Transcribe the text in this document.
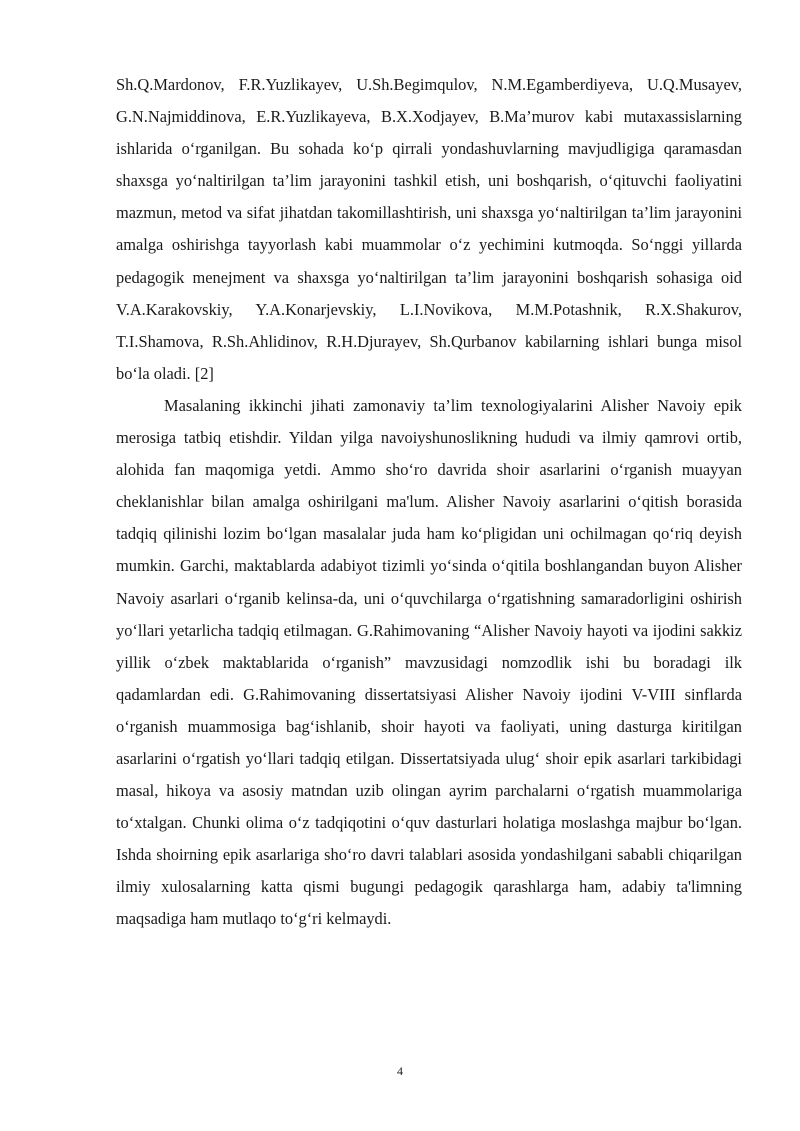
Sh.Q.Mardonov, F.R.Yuzlikayev, U.Sh.Begimqulov, N.M.Egamberdiyeva, U.Q.Musayev, G.N.Najmiddinova, E.R.Yuzlikayeva, B.X.Xodjayev, B.Ma’murov kabi mutaxassislarning ishlarida o‘rganilgan. Bu sohada ko‘p qirrali yondashuvlarning mavjudligiga qaramasdan shaxsga yo‘naltirilgan ta’lim jarayonini tashkil etish, uni boshqarish, o‘qituvchi faoliyatini mazmun, metod va sifat jihatdan takomillashtirish, uni shaxsga yo‘naltirilgan ta’lim jarayonini amalga oshirishga tayyorlash kabi muammolar o‘z yechimini kutmoqda. So‘nggi yillarda pedagogik menejment va shaxsga yo‘naltirilgan ta’lim jarayonini boshqarish sohasiga oid V.A.Karakovskiy, Y.A.Konarjevskiy, L.I.Novikova, M.M.Potashnik, R.X.Shakurov, T.I.Shamova, R.Sh.Ahlidinov, R.H.Djurayev, Sh.Qurbanov kabilarning ishlari bunga misol bo‘la oladi. [2]

Masalaning ikkinchi jihati zamonaviy ta’lim texnologiyalarini Alisher Navoiy epik merosiga tatbiq etishdir. Yildan yilga navoiyshunoslikning hududi va ilmiy qamrovi ortib, alohida fan maqomiga yetdi. Ammo sho‘ro davrida shoir asarlarini o‘rganish muayyan cheklanishlar bilan amalga oshirilgani ma'lum. Alisher Navoiy asarlarini o‘qitish borasida tadqiq qilinishi lozim bo‘lgan masalalar juda ham ko‘pligidan uni ochilmagan qo‘riq deyish mumkin. Garchi, maktablarda adabiyot tizimli yo‘sinda o‘qitila boshlangandan buyon Alisher Navoiy asarlari o‘rganib kelinsa-da, uni o‘quvchilarga o‘rgatishning samaradorligini oshirish yo‘llari yetarlicha tadqiq etilmagan. G.Rahimovaning “Alisher Navoiy hayoti va ijodini sakkiz yillik o‘zbek maktablarida o‘rganish” mavzusidagi nomzodlik ishi bu boradagi ilk qadamlardan edi. G.Rahimovaning dissertatsiyasi Alisher Navoiy ijodini V-VIII sinflarda o‘rganish muammosiga bag‘ishlanib, shoir hayoti va faoliyati, uning dasturga kiritilgan asarlarini o‘rgatish yo‘llari tadqiq etilgan. Dissertatsiyada ulug‘ shoir epik asarlari tarkibidagi masal, hikoya va asosiy matndan uzib olingan ayrim parchalarni o‘rgatish muammolariga to‘xtalgan. Chunki olima o‘z tadqiqotini o‘quv dasturlari holatiga moslashga majbur bo‘lgan. Ishda shoirning epik asarlariga sho‘ro davri talablari asosida yondashilgani sababli chiqarilgan ilmiy xulosalarning katta qismi bugungi pedagogik qarashlarga ham, adabiy ta'limning maqsadiga ham mutlaqo to‘g‘ri kelmaydi.

4
